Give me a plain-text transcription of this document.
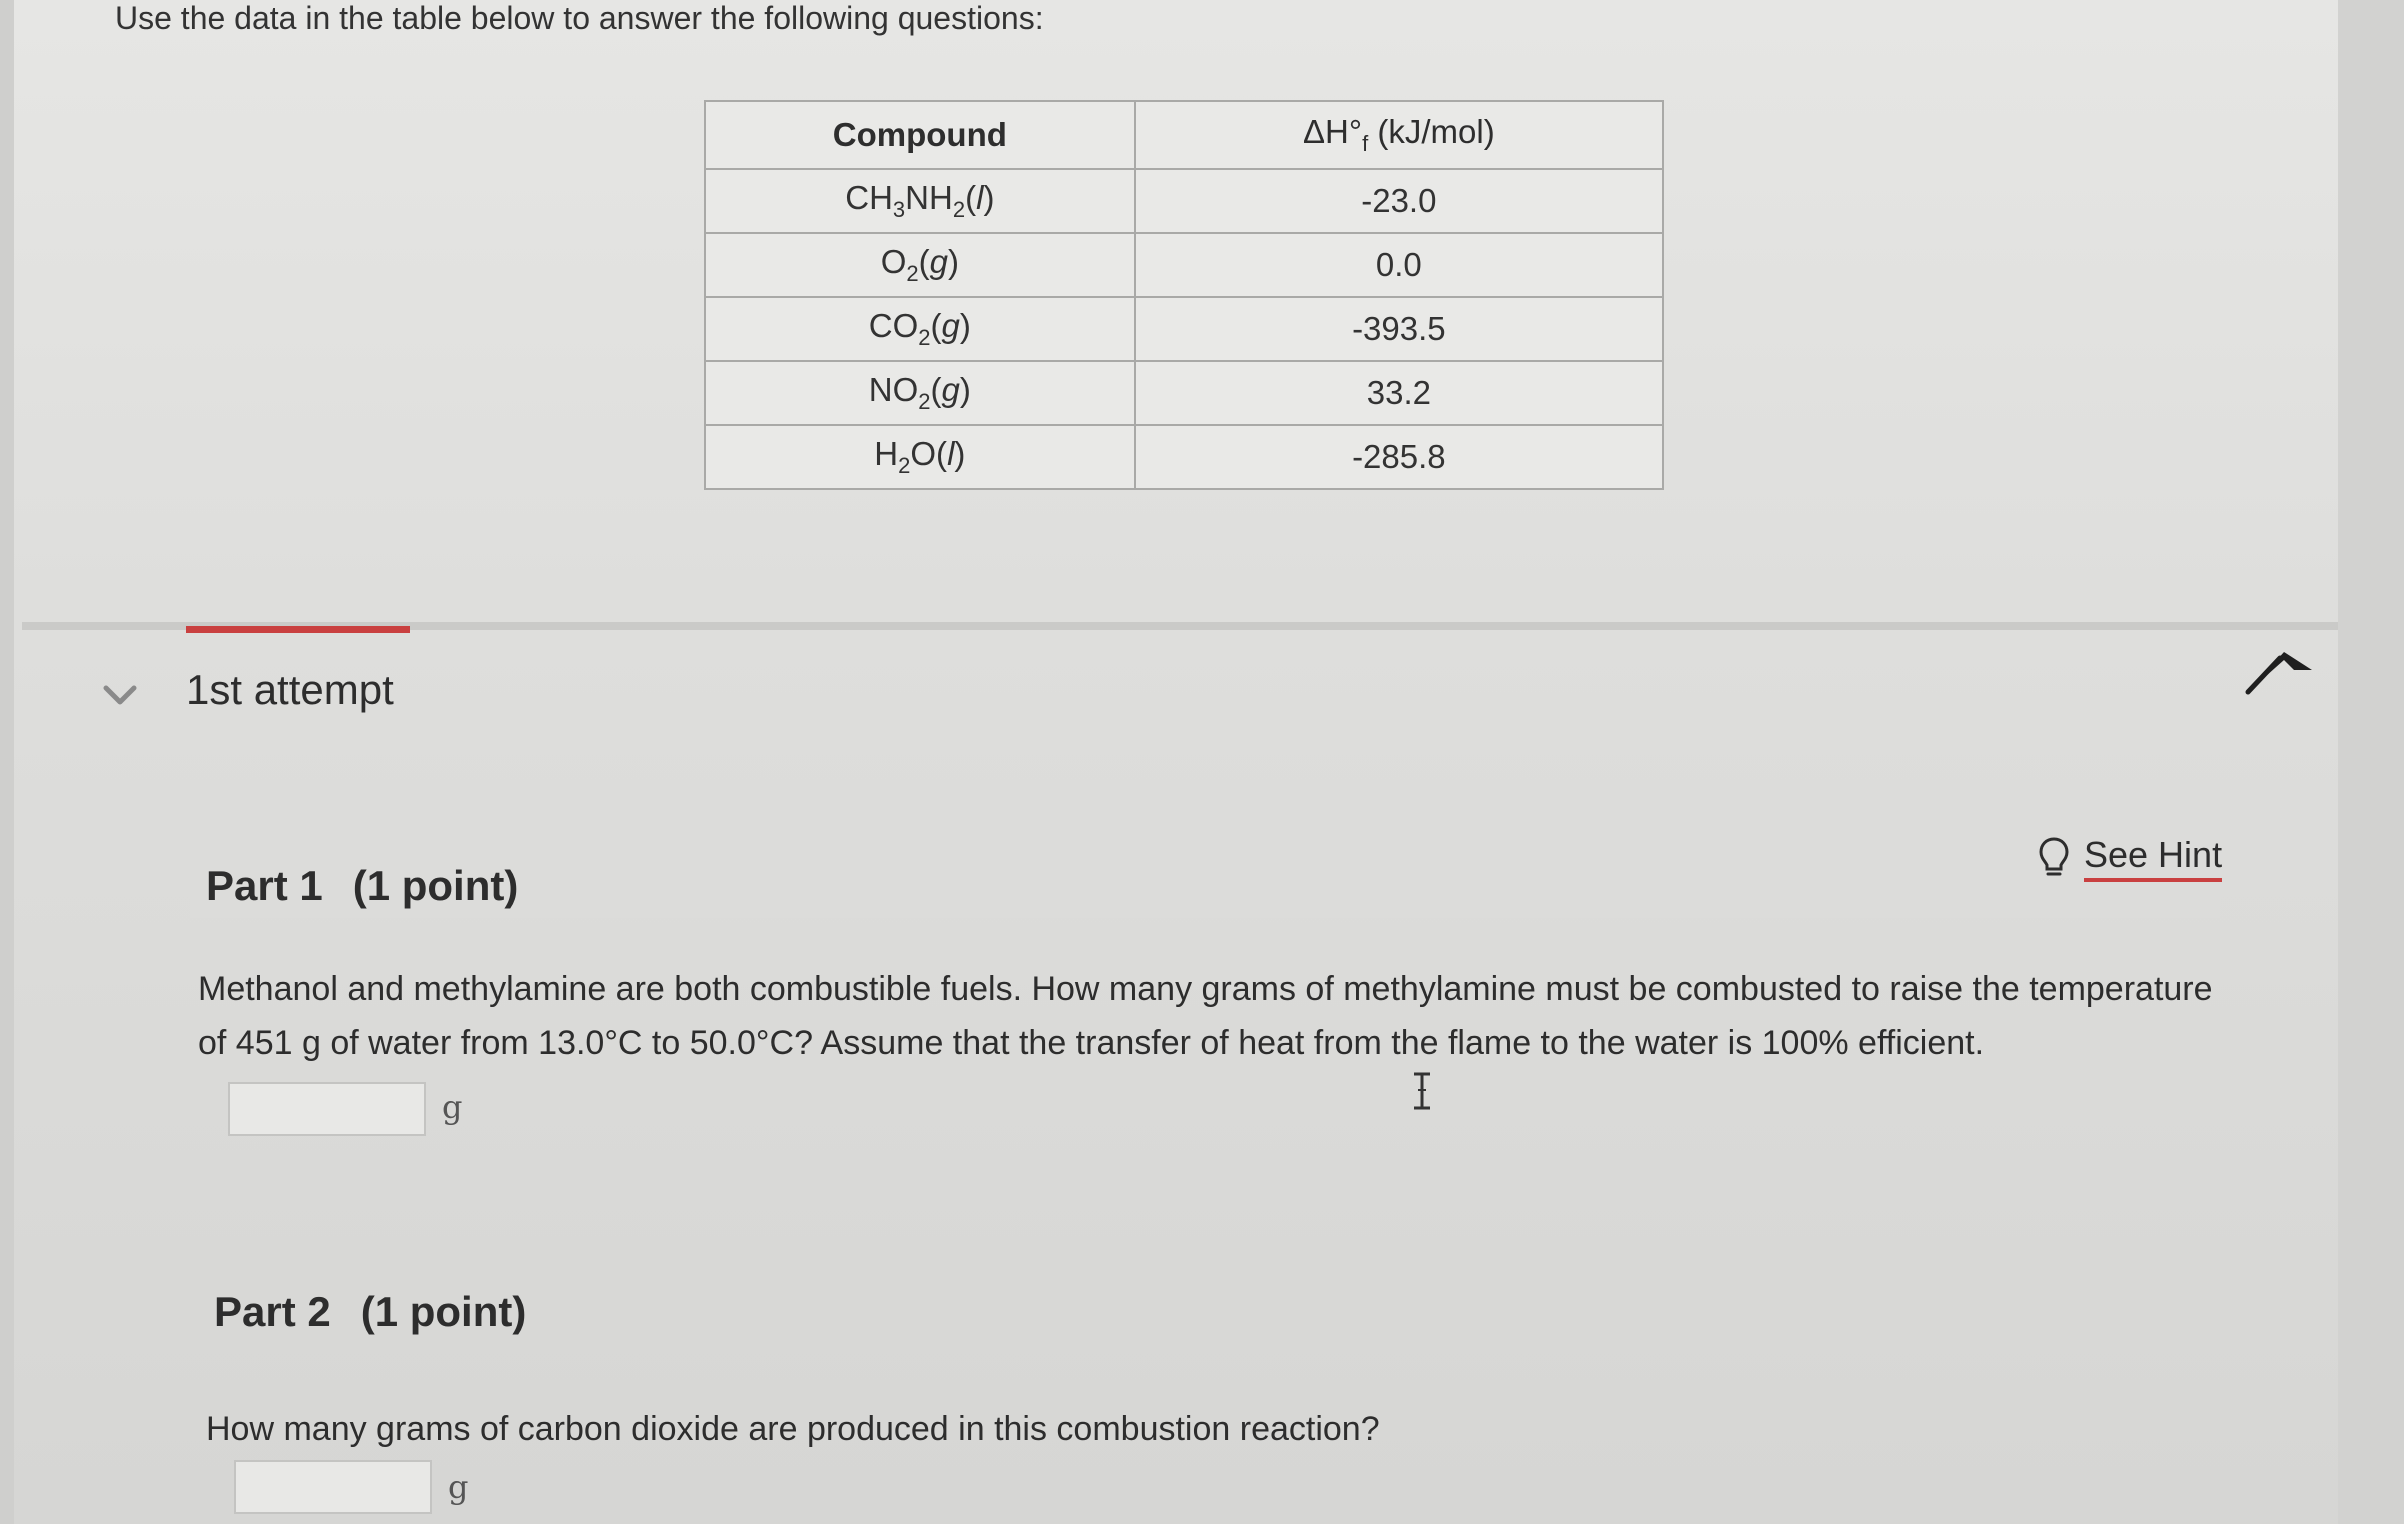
Use the data in the table below to answer the following questions:
Compound	$\Delta H^\circ_f$ (kJ/mol)
$CH_3NH_2(l)$	-23.0
$O_2(g)$	0.0
$CO_2(g)$	-393.5
$NO_2(g)$	33.2
$H_2O(l)$	-285.8
1st attempt
Part 1 (1 point)
See Hint
Methanol and methylamine are both combustible fuels. How many grams of methylamine must be combusted to raise the temperature of 451 g of water from 13.0°C to 50.0°C? Assume that the transfer of heat from the flame to the water is 100% efficient.
g
Part 2 (1 point)
How many grams of carbon dioxide are produced in this combustion reaction?
g
